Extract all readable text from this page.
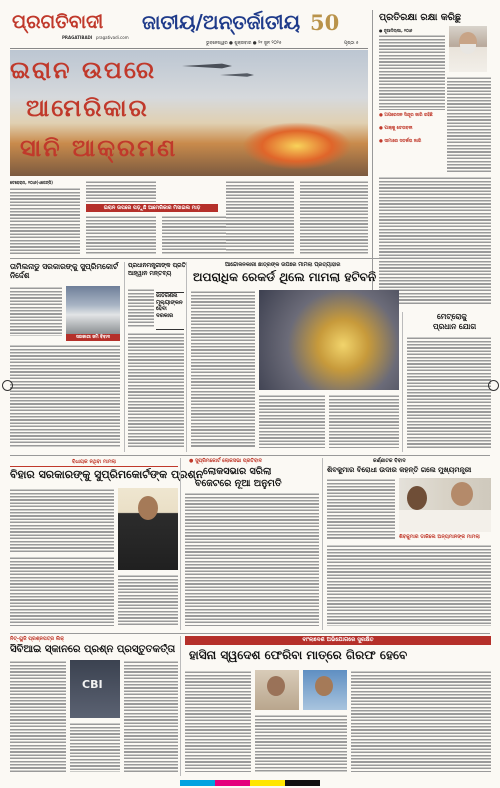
ପ୍ରଗତିବାଦୀ
PRAGATIBADI pragativadi.com
ଜାତୀୟ/ଅନ୍ତର୍ଜାତୀୟ 50
ଭୁବନେଶ୍ୱର ● ଶୁକ୍ରବାର ● ୨୧ ଜୁନ ୨୦୨୫	ପୃଷ୍ଠା ୫
ଇରାନ ଉପରେ
ଆମେରିକାର
ସାନି ଆକ୍ରମଣ
ତେହେରାନ, ୨୦ା୬(ଏଜେନ୍ସି)
ଇରାନ ଉପରେ ପଡ଼ୁଛି ଆମେରିକାର ମିସାଇଲ ମାଡ଼
ପ୍ରତିରକ୍ଷା ରକ୍ଷା କରିଛୁ
● ନୂଆଦିଲ୍ଲୀ, ୨୦ା୬
● ଅପରେସନ ସିନ୍ଦୂର ଜାରି ରହିଛି
● ପାକ୍‌କୁ ଚେତାବନୀ
● ସୀମାରେ ସତର୍କତା ଜାରି
ତାମିଲନାଡୁ ସରକାରଙ୍କୁ ସୁପ୍ରିମକୋର୍ଟ ନିର୍ଦ୍ଦେଶ
ସରକାରୀ ଜମି ବିବାଦ
ପ୍ରଧାନମନ୍ତ୍ରୀଙ୍କ ପ୍ରତି ଆହ୍ୱାନ ମନ୍ତବ୍ୟ
ଜାତିଗଣନା ମୂଲ୍ୟାଙ୍କନ ହେବା ଦରକାର
ଆନ୍ଦୋଳନକାରୀ ଛାତ୍ରଙ୍କ ଉପରେ ମାମଲା ପ୍ରତ୍ୟାହାର
ଅପରାଧିକ ରେକର୍ଡ ଥିଲେ ମାମଲା ହଟିବନି
ମେଟ୍ରୋକୁ
ପ୍ରଧାନ ଯୋଗ
ବିଧାୟକ ନଥିବା ମାମଲା
ବିହାର ସରକାରଙ୍କୁ ସୁପ୍ରିମକୋର୍ଟଙ୍କ ପ୍ରଶ୍ନ
● ସୁପ୍ରିମକୋର୍ଟ ଲୋକସଭା ପ୍ରତିବାଦ
ଲୋକସଭାର ସରିଲା
ବଜେଟରେ ନୂଆ ଅନୁମତି
କର୍ଣ୍ଣାଟକ ବିବାଦ
ଶିବକୁମାର ବିରୋଧୀ ଉଦାର କହନ୍ତି ଗଲେ ମୁଖ୍ୟମନ୍ତ୍ରୀ
ଶିବକୁମାର ଡାକିଲେ ଅନ୍ୟମାନଙ୍କ ମାମଲା
ନିଟ୍-ୟୁଜି ପ୍ରଶ୍ନପତ୍ର ଲିକ୍
ସିବିଆଇ ସ୍କାନରେ ପ୍ରଶ୍ନ ପ୍ରସ୍ତୁତକର୍ତ୍ତା
CBI
ବାଂଲାଦେଶ ଅଭିଯୋଗରେ ସୁରକ୍ଷିତ
ହାସିନା ସ୍ୱଦେଶ ଫେରିବା ମାତ୍ରେ ଗିରଫ ହେବେ
